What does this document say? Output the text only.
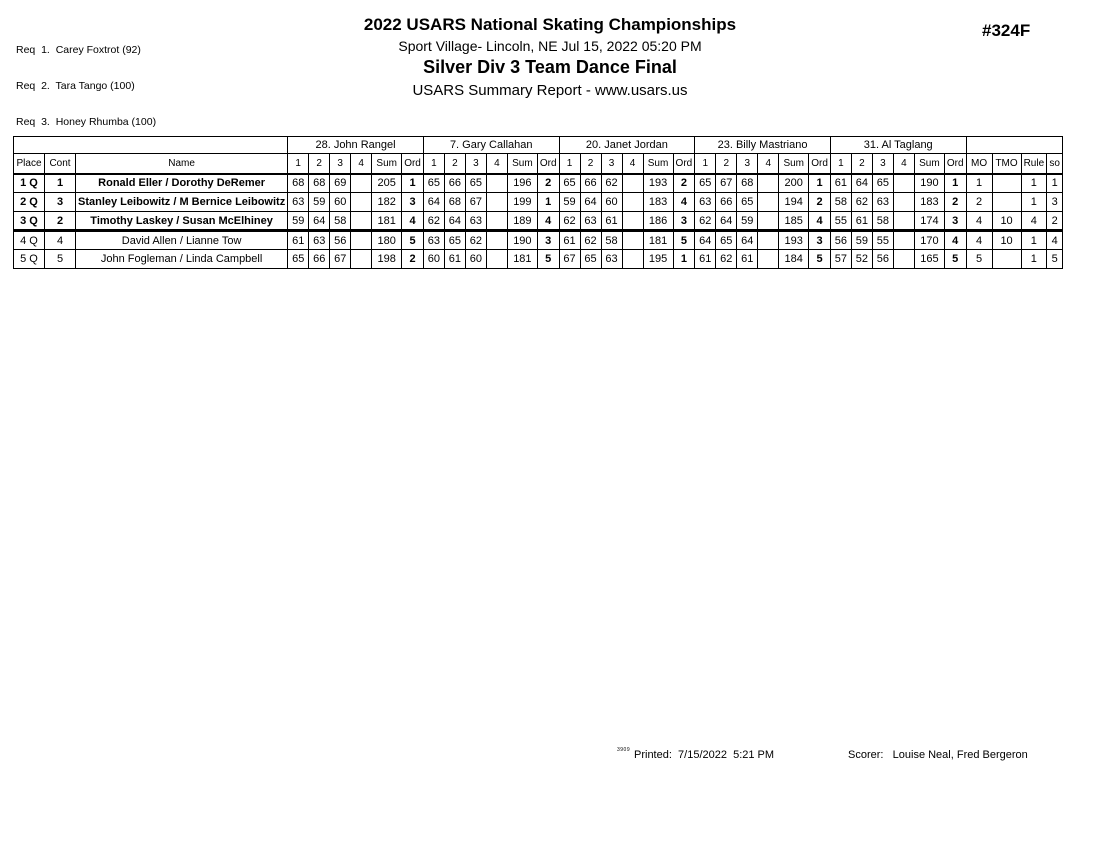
Req  1.  Carey Foxtrot (92)

Req  2.  Tara Tango (100)

Req  3.  Honey Rhumba (100)

2022 USARS National Skating Championships
Sport Village- Lincoln, NE Jul 15, 2022 05:20 PM
Silver Div 3 Team Dance Final
USARS Summary Report - www.usars.us
#324F
			28. John Rangel						7. Gary Callahan						20. Janet Jordan						23. Billy Mastriano						31. Al Taglang									
Place	Cont	Name	1	2	3	4	Sum	Ord	1	2	3	4	Sum	Ord	1	2	3	4	Sum	Ord	1	2	3	4	Sum	Ord	1	2	3	4	Sum	Ord	MO	TMO	Rule	so
1 Q	1	Ronald Eller / Dorothy DeRemer	68	68	69		205	1	65	66	65		196	2	65	66	62		193	2	65	67	68		200	1	61	64	65		190	1	1		1	1
2 Q	3	Stanley Leibowitz / M Bernice Leibowitz	63	59	60		182	3	64	68	67		199	1	59	64	60		183	4	63	66	65		194	2	58	62	63		183	2	2		1	3
3 Q	2	Timothy Laskey / Susan McElhiney	59	64	58		181	4	62	64	63		189	4	62	63	61		186	3	62	64	59		185	4	55	61	58		174	3	4	10	4	2
4 Q	4	David Allen / Lianne Tow	61	63	56		180	5	63	65	62		190	3	61	62	58		181	5	64	65	64		193	3	56	59	55		170	4	4	10	1	4
5 Q	5	John Fogleman / Linda Campbell	65	66	67		198	2	60	61	60		181	5	67	65	63		195	1	61	62	61		184	5	57	52	56		165	5	5		1	5
3909 Printed: 7/15/2022  5:21 PM	Scorer: Louise Neal, Fred Bergeron
